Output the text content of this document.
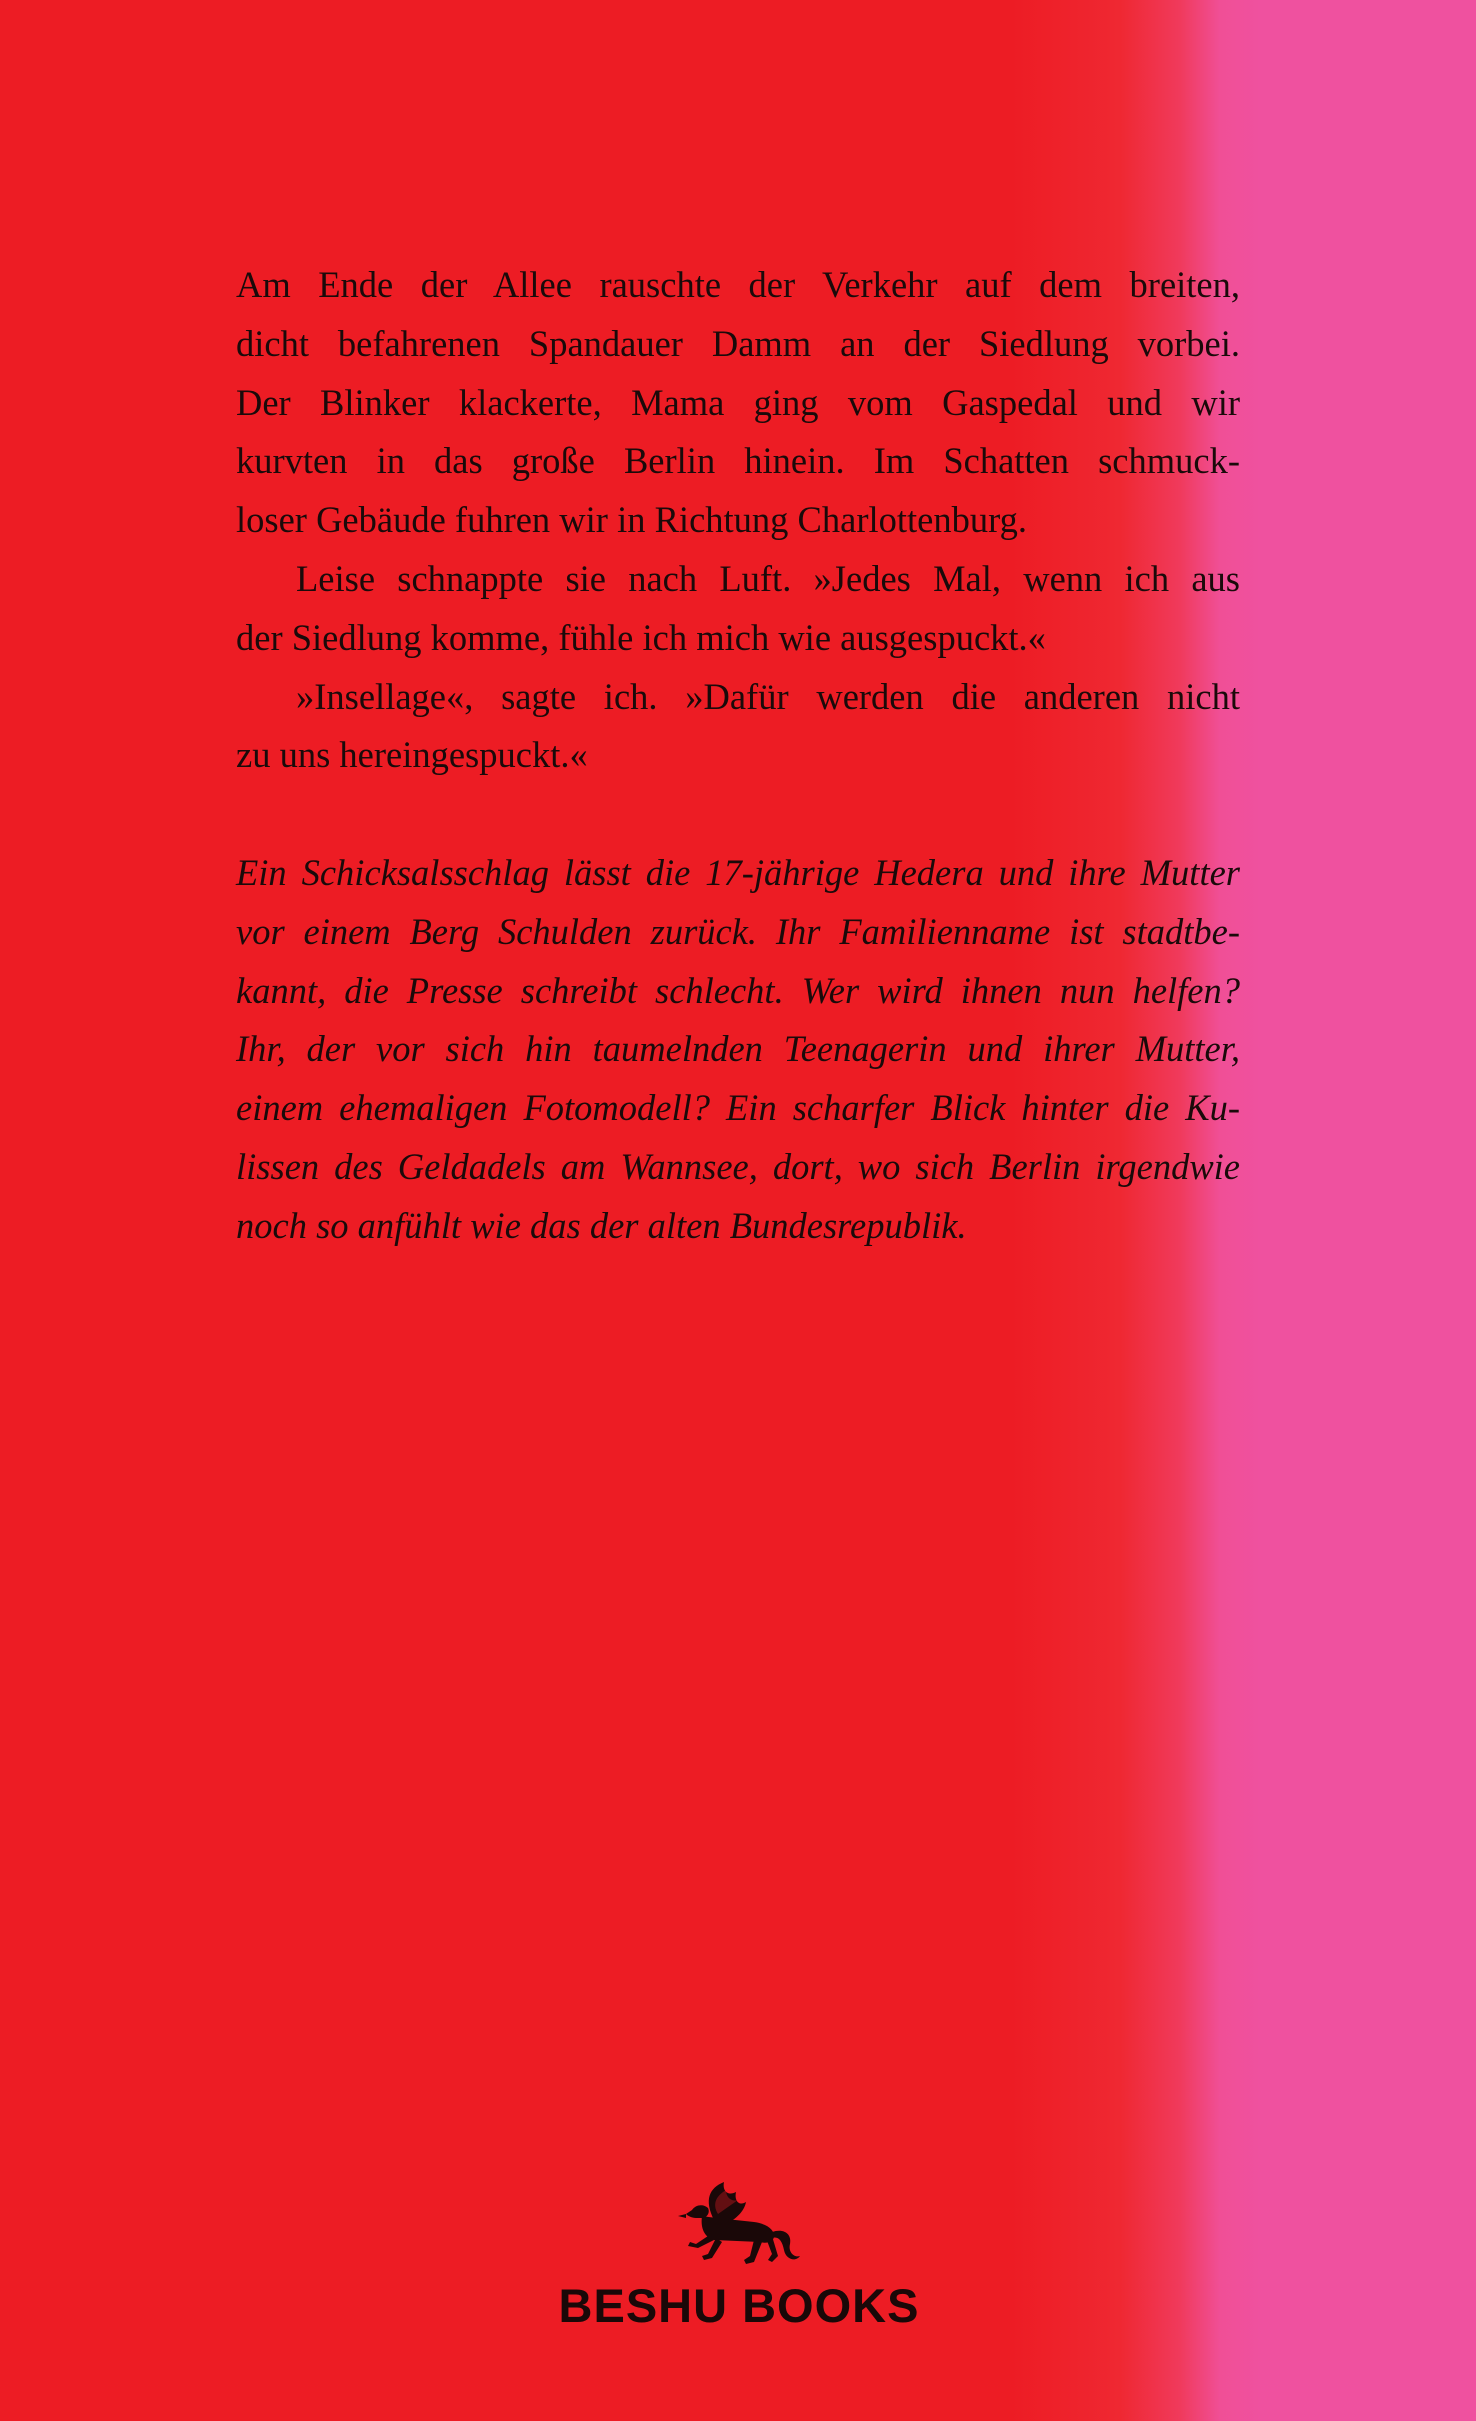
Am Ende der Allee rauschte der Verkehr auf dem breiten,
dicht befahrenen Spandauer Damm an der Siedlung vorbei.
Der Blinker klackerte, Mama ging vom Gaspedal und wir
kurvten in das große Berlin hinein. Im Schatten schmuck-
loser Gebäude fuhren wir in Richtung Charlottenburg.
Leise schnappte sie nach Luft. »Jedes Mal, wenn ich aus
der Siedlung komme, fühle ich mich wie ausgespuckt.«
»Insellage«, sagte ich. »Dafür werden die anderen nicht
zu uns hereingespuckt.«
Ein Schicksalsschlag lässt die 17-jährige Hedera und ihre Mutter
vor einem Berg Schulden zurück. Ihr Familienname ist stadtbe-
kannt, die Presse schreibt schlecht. Wer wird ihnen nun helfen?
Ihr, der vor sich hin taumelnden Teenagerin und ihrer Mutter,
einem ehemaligen Fotomodell? Ein scharfer Blick hinter die Ku-
lissen des Geldadels am Wannsee, dort, wo sich Berlin irgendwie
noch so anfühlt wie das der alten Bundesrepublik.
BESHU BOOKS
